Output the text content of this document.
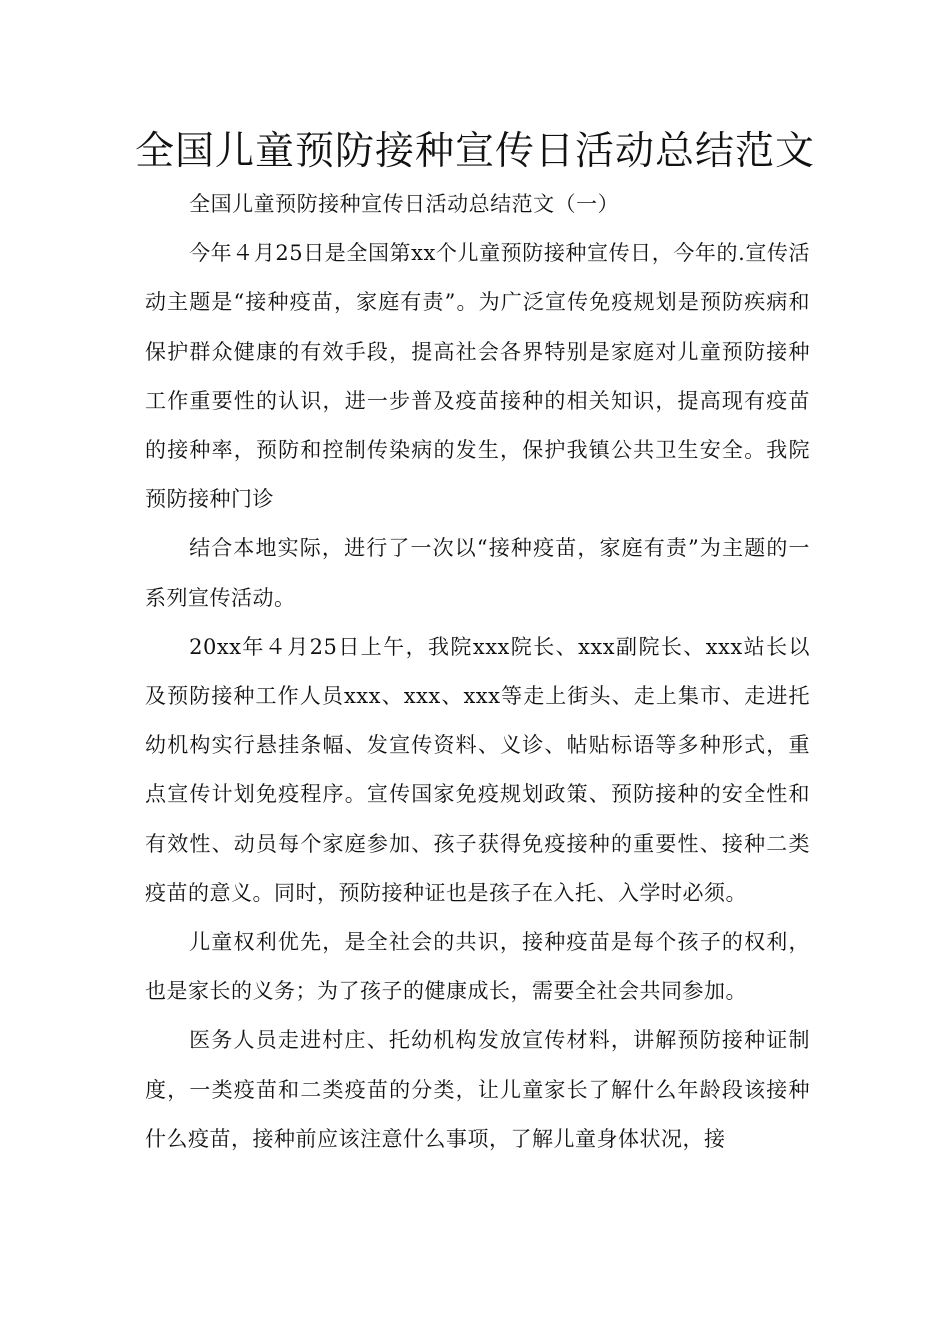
全国儿童预防接种宣传日活动总结范文

全国儿童预防接种宣传日活动总结范文（一）

今年４月25日是全国第xx个儿童预防接种宣传日，今年的.宣传活动主题是“接种疫苗，家庭有责”。为广泛宣传免疫规划是预防疾病和保护群众健康的有效手段，提高社会各界特别是家庭对儿童预防接种工作重要性的认识，进一步普及疫苗接种的相关知识，提高现有疫苗的接种率，预防和控制传染病的发生，保护我镇公共卫生安全。我院预防接种门诊

结合本地实际，进行了一次以“接种疫苗，家庭有责”为主题的一系列宣传活动。

20xx年４月25日上午，我院xxx院长、xxx副院长、xxx站长以及预防接种工作人员xxx、xxx、xxx等走上街头、走上集市、走进托幼机构实行悬挂条幅、发宣传资料、义诊、帖贴标语等多种形式，重点宣传计划免疫程序。宣传国家免疫规划政策、预防接种的安全性和有效性、动员每个家庭参加、孩子获得免疫接种的重要性、接种二类疫苗的意义。同时，预防接种证也是孩子在入托、入学时必须。

儿童权利优先，是全社会的共识，接种疫苗是每个孩子的权利，也是家长的义务；为了孩子的健康成长，需要全社会共同参加。

医务人员走进村庄、托幼机构发放宣传材料，讲解预防接种证制度，一类疫苗和二类疫苗的分类，让儿童家长了解什么年龄段该接种什么疫苗，接种前应该注意什么事项，了解儿童身体状况，接
